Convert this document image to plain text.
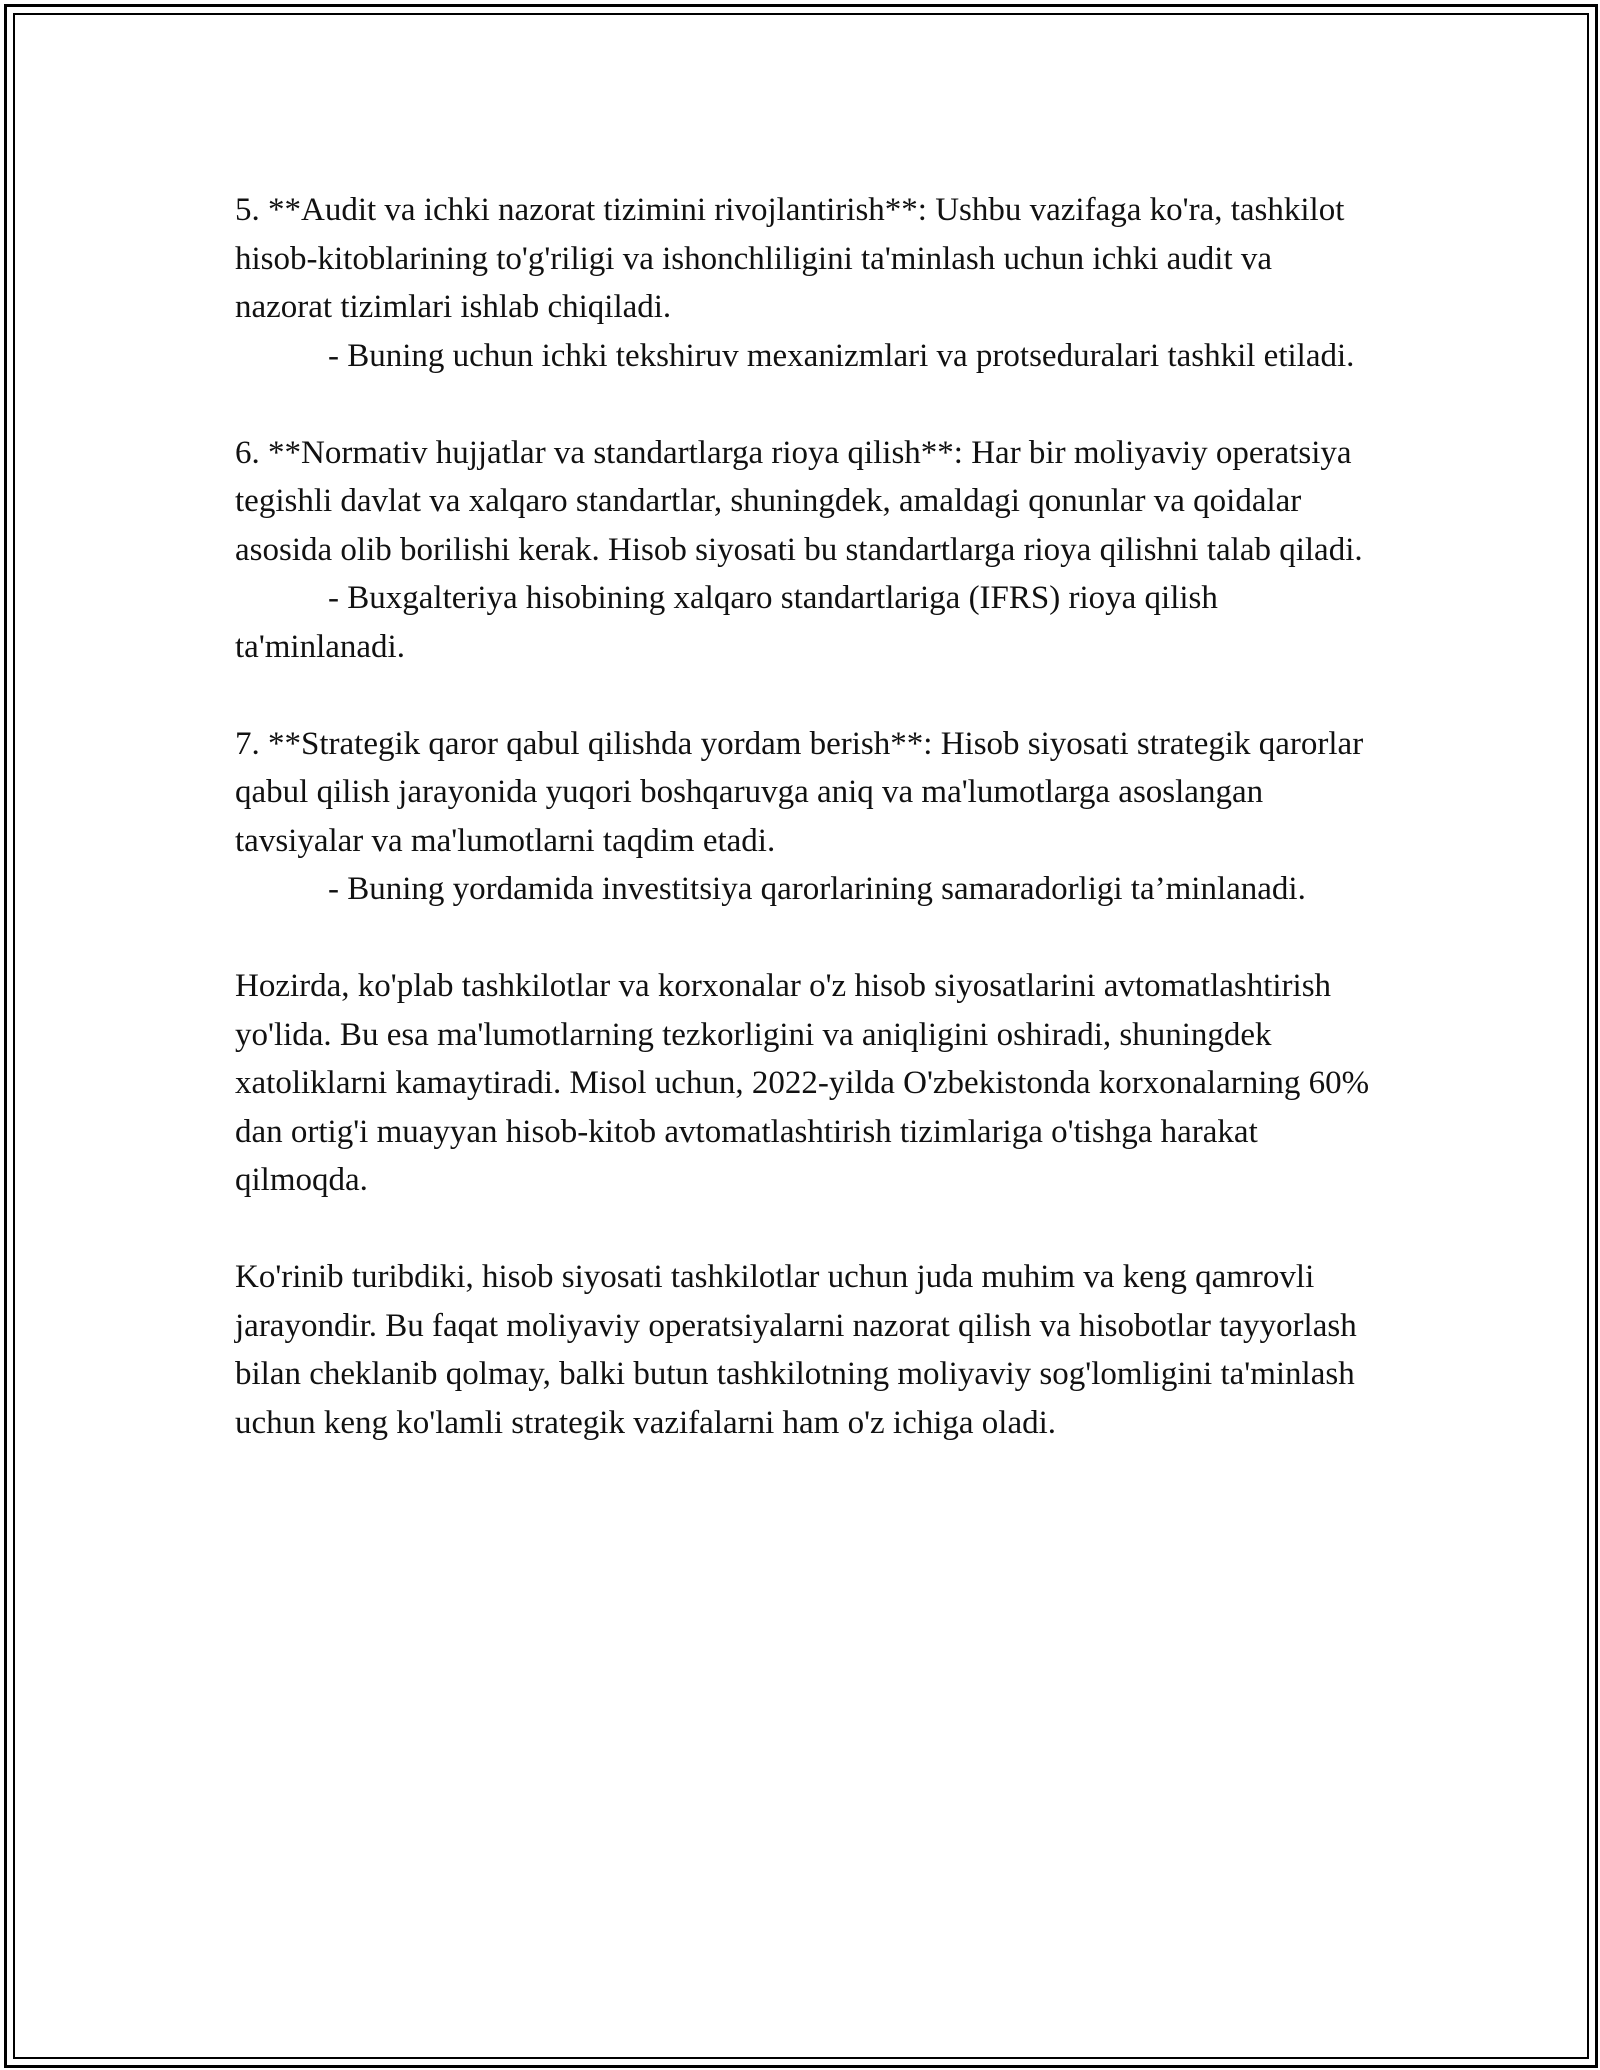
5. **Audit va ichki nazorat tizimini rivojlantirish**: Ushbu vazifaga ko'ra, tashkilot hisob-kitoblarining to'g'riligi va ishonchliligini ta'minlash uchun ichki audit va nazorat tizimlari ishlab chiqiladi.

- Buning uchun ichki tekshiruv mexanizmlari va protseduralari tashkil etiladi.

6. **Normativ hujjatlar va standartlarga rioya qilish**: Har bir moliyaviy operatsiya tegishli davlat va xalqaro standartlar, shuningdek, amaldagi qonunlar va qoidalar asosida olib borilishi kerak. Hisob siyosati bu standartlarga rioya qilishni talab qiladi.

- Buxgalteriya hisobining xalqaro standartlariga (IFRS) rioya qilish ta'minlanadi.

7. **Strategik qaror qabul qilishda yordam berish**: Hisob siyosati strategik qarorlar qabul qilish jarayonida yuqori boshqaruvga aniq va ma'lumotlarga asoslangan tavsiyalar va ma'lumotlarni taqdim etadi.

- Buning yordamida investitsiya qarorlarining samaradorligi ta’minlanadi.

Hozirda, ko'plab tashkilotlar va korxonalar o'z hisob siyosatlarini avtomatlashtirish yo'lida. Bu esa ma'lumotlarning tezkorligini va aniqligini oshiradi, shuningdek xatoliklarni kamaytiradi. Misol uchun, 2022-yilda O'zbekistonda korxonalarning 60% dan ortig'i muayyan hisob-kitob avtomatlashtirish tizimlariga o'tishga harakat qilmoqda.

Ko'rinib turibdiki, hisob siyosati tashkilotlar uchun juda muhim va keng qamrovli jarayondir. Bu faqat moliyaviy operatsiyalarni nazorat qilish va hisobotlar tayyorlash bilan cheklanib qolmay, balki butun tashkilotning moliyaviy sog'lomligini ta'minlash uchun keng ko'lamli strategik vazifalarni ham o'z ichiga oladi.
